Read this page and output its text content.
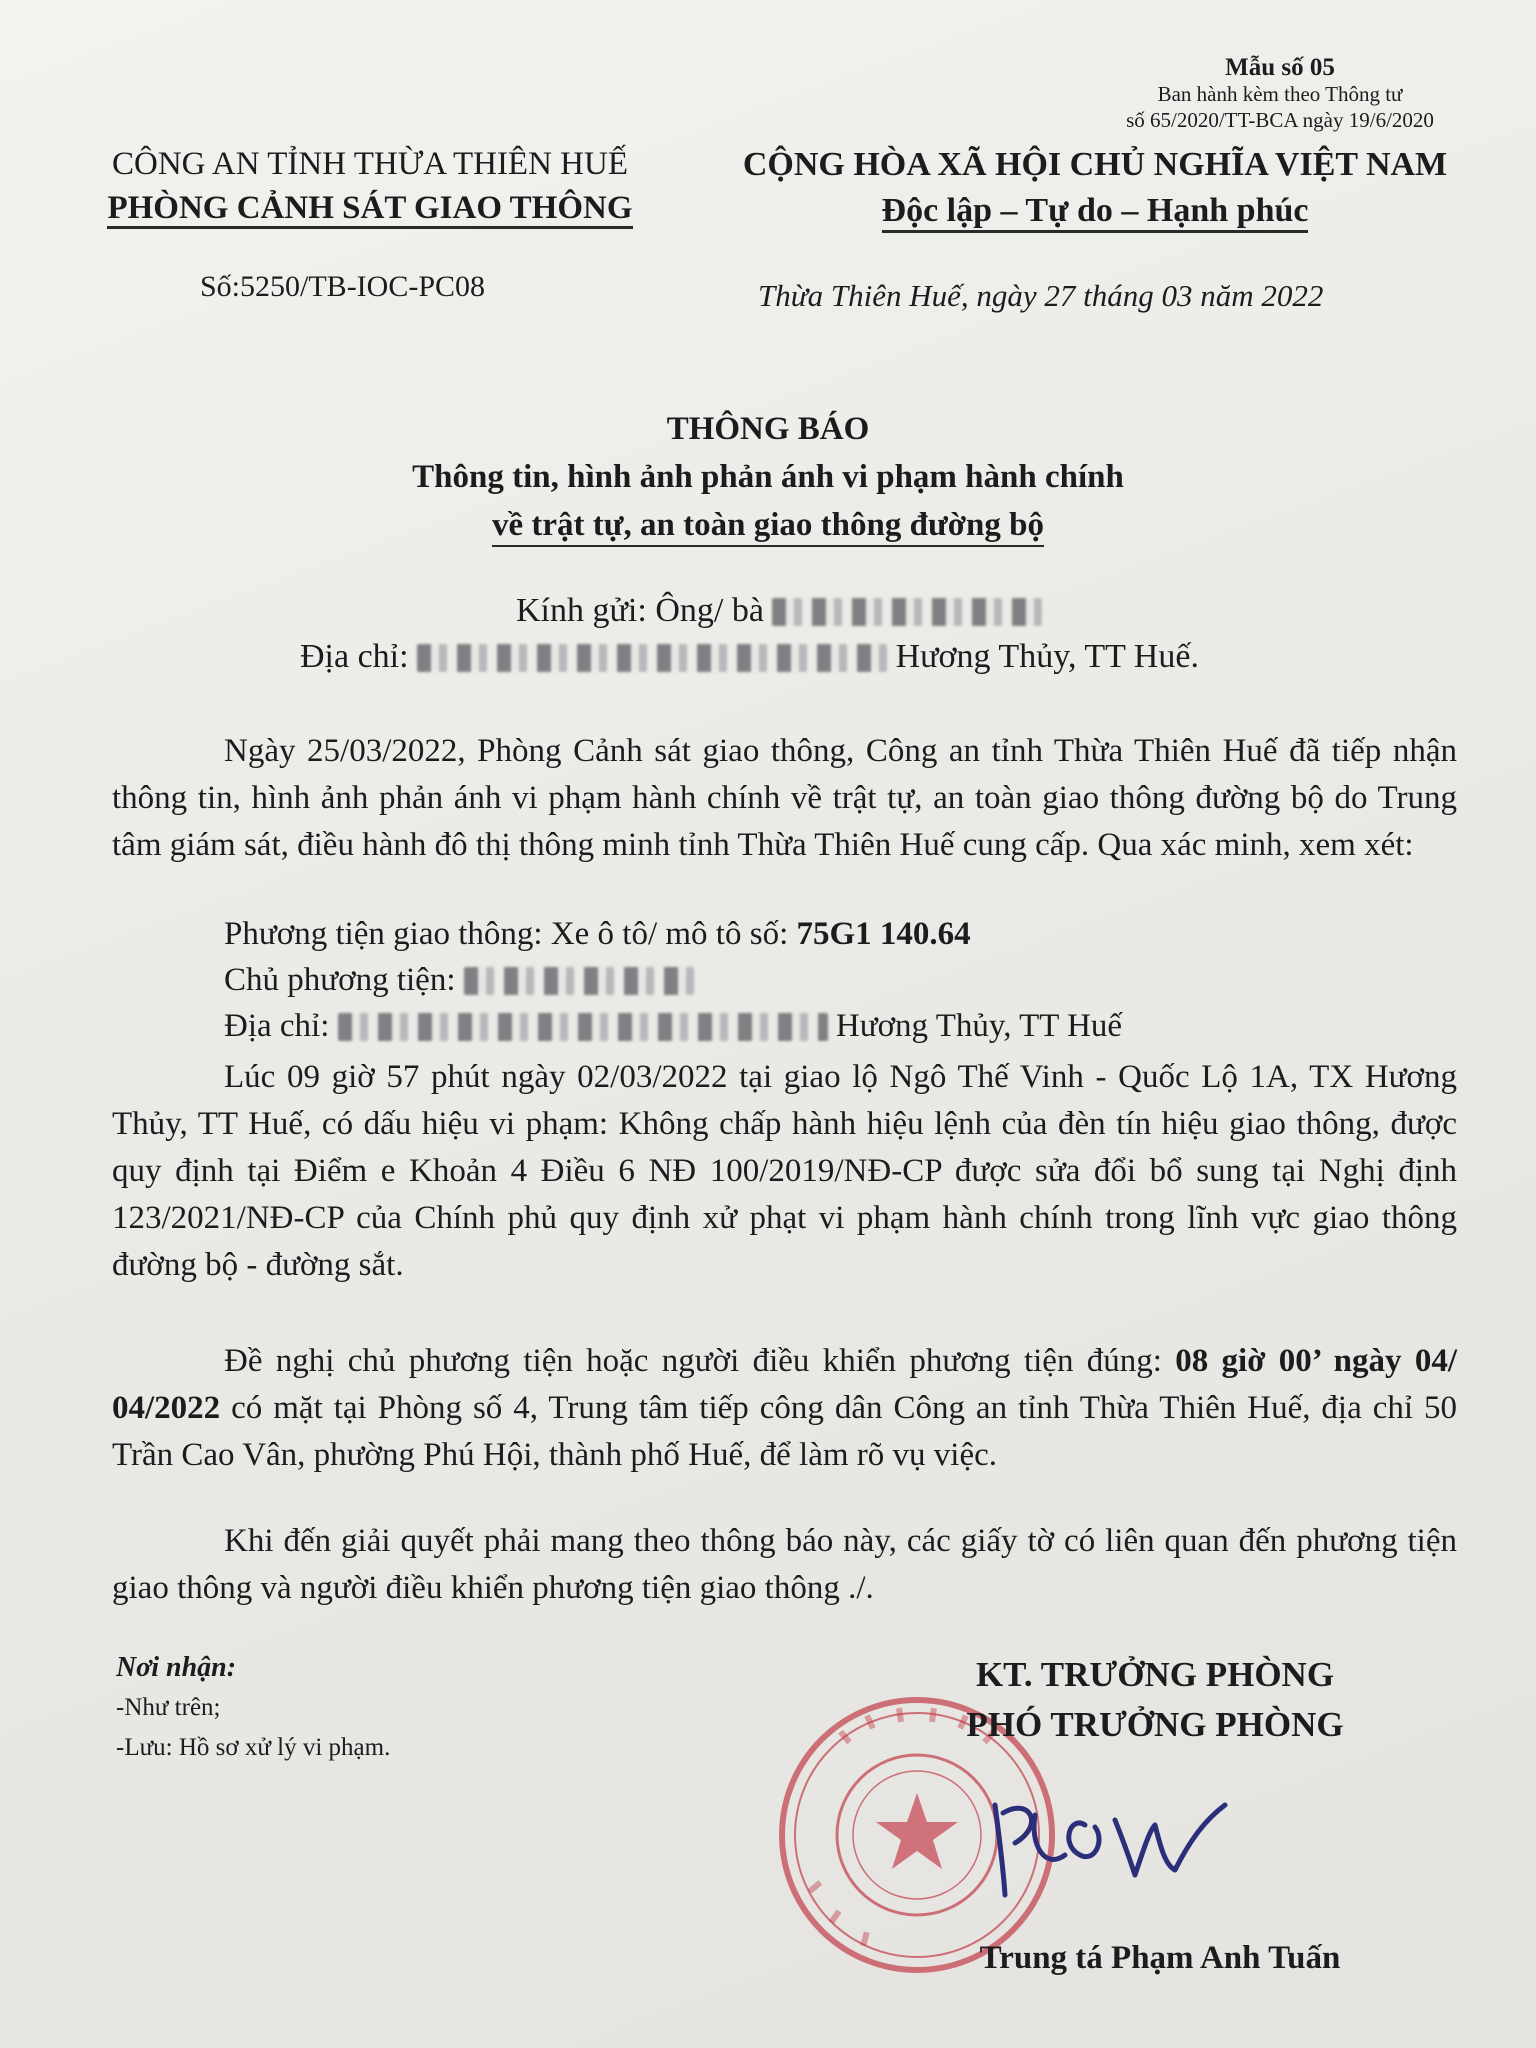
Mẫu số 05
Ban hành kèm theo Thông tư
số 65/2020/TT-BCA ngày 19/6/2020
CÔNG AN TỈNH THỪA THIÊN HUẾ
PHÒNG CẢNH SÁT GIAO THÔNG
CỘNG HÒA XÃ HỘI CHỦ NGHĨA VIỆT NAM
Độc lập – Tự do – Hạnh phúc
Số:5250/TB-IOC-PC08	Thừa Thiên Huế, ngày 27 tháng 03 năm 2022
THÔNG BÁO
Thông tin, hình ảnh phản ánh vi phạm hành chính
về trật tự, an toàn giao thông đường bộ
Kính gửi: Ông/ bà
Địa chỉ:	Hương Thủy, TT Huế.
Ngày 25/03/2022, Phòng Cảnh sát giao thông, Công an tỉnh Thừa Thiên Huế đã tiếp nhận thông tin, hình ảnh phản ánh vi phạm hành chính về trật tự, an toàn giao thông đường bộ do Trung tâm giám sát, điều hành đô thị thông minh tỉnh Thừa Thiên Huế cung cấp. Qua xác minh, xem xét:
Phương tiện giao thông: Xe ô tô/ mô tô số: 75G1 140.64
Chủ phương tiện:
Địa chỉ:	Hương Thủy, TT Huế
Lúc 09 giờ 57 phút ngày 02/03/2022 tại giao lộ Ngô Thế Vinh - Quốc Lộ 1A, TX Hương Thủy, TT Huế, có dấu hiệu vi phạm: Không chấp hành hiệu lệnh của đèn tín hiệu giao thông, được quy định tại Điểm e Khoản 4 Điều 6 NĐ 100/2019/NĐ-CP được sửa đổi bổ sung tại Nghị định 123/2021/NĐ-CP của Chính phủ quy định xử phạt vi phạm hành chính trong lĩnh vực giao thông đường bộ - đường sắt.
Đề nghị chủ phương tiện hoặc người điều khiển phương tiện đúng: 08 giờ 00’ ngày 04/ 04/2022 có mặt tại Phòng số 4, Trung tâm tiếp công dân Công an tỉnh Thừa Thiên Huế, địa chỉ 50 Trần Cao Vân, phường Phú Hội, thành phố Huế, để làm rõ vụ việc.
Khi đến giải quyết phải mang theo thông báo này, các giấy tờ có liên quan đến phương tiện giao thông và người điều khiển phương tiện giao thông ./.
Nơi nhận:
-Như trên;
-Lưu: Hồ sơ xử lý vi phạm.
KT. TRƯỞNG PHÒNG
PHÓ TRƯỞNG PHÒNG
Trung tá Phạm Anh Tuấn
